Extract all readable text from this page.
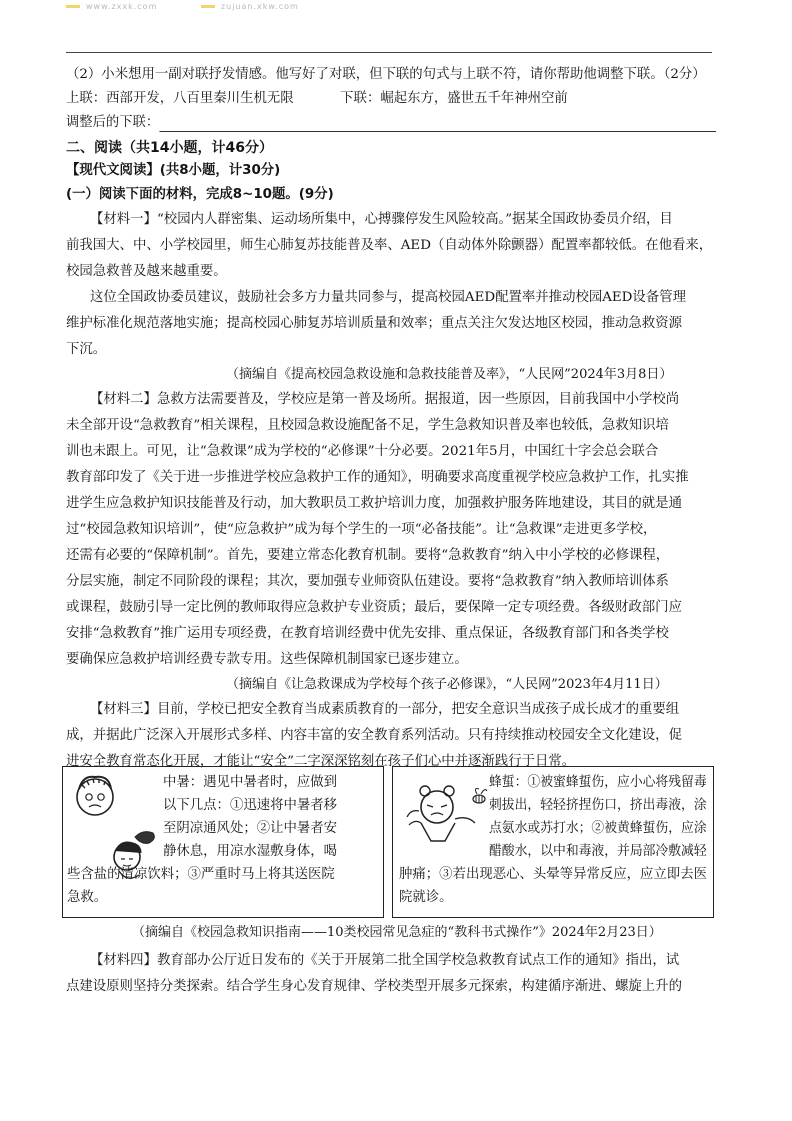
www.zxxk.com	zujuan.xkw.com
（2）小米想用一副对联抒发情感。他写好了对联，但下联的句式与上联不符，请你帮助他调整下联。（2分）
上联：西部开发，八百里秦川生机无限	下联：崛起东方，盛世五千年神州空前
调整后的下联：
二、阅读（共14小题，计46分）
【现代文阅读】(共8小题，计30分)
(一）阅读下面的材料，完成8~10题。(9分)
【材料一】“校园内人群密集、运动场所集中，心搏骤停发生风险较高。”据某全国政协委员介绍，目
前我国大、中、小学校园里，师生心肺复苏技能普及率、AED（自动体外除颤器）配置率都较低。在他看来，
校园急救普及越来越重要。
这位全国政协委员建议，鼓励社会多方力量共同参与，提高校园AED配置率并推动校园AED设备管理
维护标准化规范落地实施；提高校园心肺复苏培训质量和效率；重点关注欠发达地区校园，推动急救资源
下沉。
（摘编自《提高校园急救设施和急救技能普及率》，“人民网”2024年3月8日）
【材料二】急救方法需要普及，学校应是第一普及场所。据报道，因一些原因，目前我国中小学校尚
未全部开设“急救教育”相关课程，且校园急救设施配备不足，学生急救知识普及率也较低，急救知识培
训也未跟上。可见，让“急救课”成为学校的“必修课”十分必要。2021年5月，中国红十字会总会联合
教育部印发了《关于进一步推进学校应急救护工作的通知》，明确要求高度重视学校应急救护工作，扎实推
进学生应急救护知识技能普及行动，加大教职员工救护培训力度，加强救护服务阵地建设，其目的就是通
过“校园急救知识培训”，使“应急救护”成为每个学生的一项“必备技能”。让“急救课”走进更多学校，
还需有必要的“保障机制”。首先，要建立常态化教育机制。要将“急救教育”纳入中小学校的必修课程，
分层实施，制定不同阶段的课程；其次，要加强专业师资队伍建设。要将“急救教育”纳入教师培训体系
或课程，鼓励引导一定比例的教师取得应急救护专业资质；最后，要保障一定专项经费。各级财政部门应
安排“急救教育”推广运用专项经费，在教育培训经费中优先安排、重点保证，各级教育部门和各类学校
要确保应急救护培训经费专款专用。这些保障机制国家已逐步建立。
（摘编自《让急救课成为学校每个孩子必修课》，“人民网”2023年4月11日）
【材料三】目前，学校已把安全教育当成素质教育的一部分，把安全意识当成孩子成长成才的重要组
成，并据此广泛深入开展形式多样、内容丰富的安全教育系列活动。只有持续推动校园安全文化建设，促
进安全教育常态化开展，才能让“安全”二字深深铭刻在孩子们心中并逐渐践行于日常。
中暑：遇见中暑者时，应做到
以下几点：①迅速将中暑者移
至阴凉通风处；②让中暑者安
静休息，用凉水湿敷身体，喝
些含盐的清凉饮料；③严重时马上将其送医院
急救。
蜂蜇：①被蜜蜂蜇伤，应小心将残留毒
刺拔出，轻轻挤捏伤口，挤出毒液，涂
点氨水或苏打水；②被黄蜂蜇伤，应涂
醋酸水，以中和毒液，并局部冷敷减轻
肿痛；③若出现恶心、头晕等异常反应，应立即去医
院就诊。
（摘编自《校园急救知识指南——10类校园常见急症的“教科书式操作”》2024年2月23日）
【材料四】教育部办公厅近日发布的《关于开展第二批全国学校急救教育试点工作的通知》指出，试
点建设原则坚持分类探索。结合学生身心发育规律、学校类型开展多元探索，构建循序渐进、螺旋上升的
